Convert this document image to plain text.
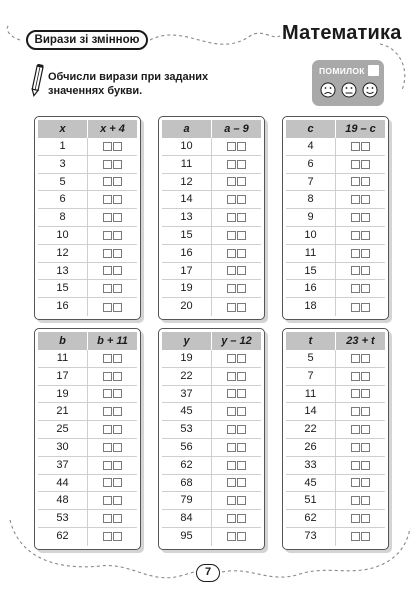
Вирази зі змінною	Математика
Обчисли вирази при заданих значеннях букви.
ПОМИЛОК
x	x + 4
1
3
5
6
8
10
12
13
15
16
a	a – 9
10
11
12
14
13
15
16
17
19
20
c	19 – c
4
6
7
8
9
10
11
15
16
18
b	b + 11
11
17
19
21
25
30
37
44
48
53
62
y	y – 12
19
22
37
45
53
56
62
68
79
84
95
t	23 + t
5
7
11
14
22
26
33
45
51
62
73
7
